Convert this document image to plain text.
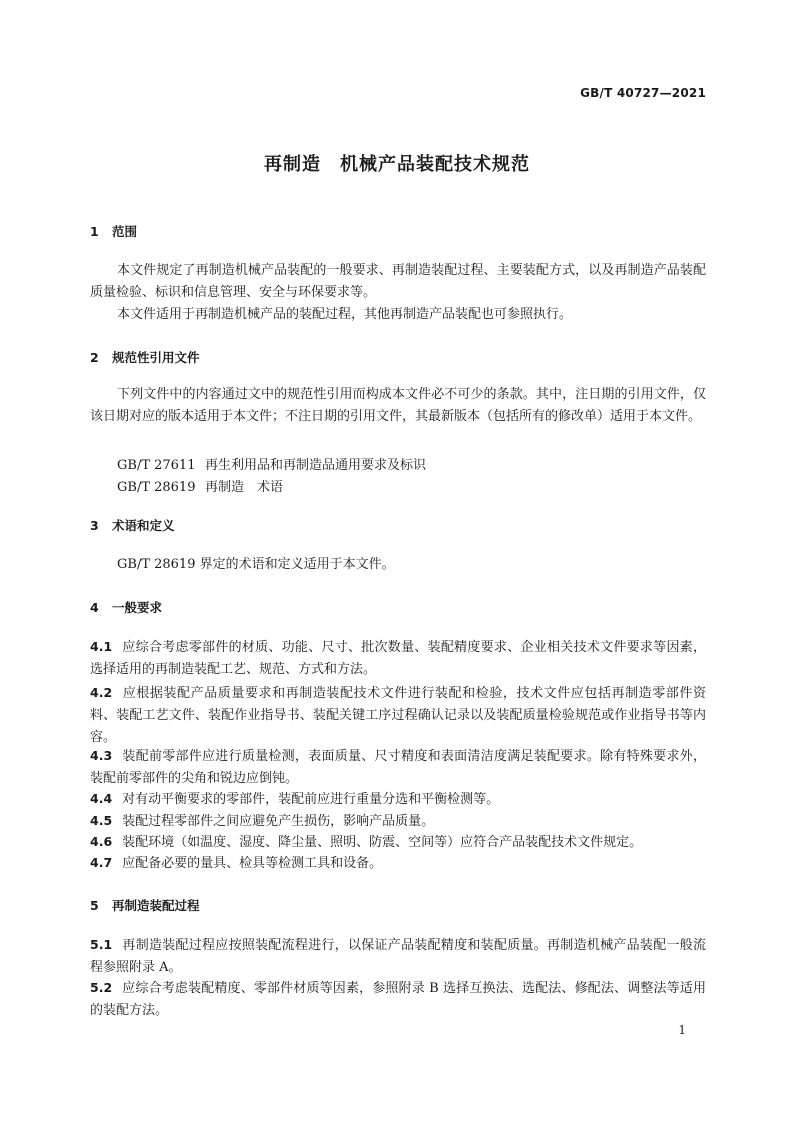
GB/T 40727—2021
再制造　机械产品装配技术规范
1 范围
本文件规定了再制造机械产品装配的一般要求、再制造装配过程、主要装配方式，以及再制造产品装配质量检验、标识和信息管理、安全与环保要求等。
本文件适用于再制造机械产品的装配过程，其他再制造产品装配也可参照执行。
2 规范性引用文件
下列文件中的内容通过文中的规范性引用而构成本文件必不可少的条款。其中，注日期的引用文件，仅该日期对应的版本适用于本文件；不注日期的引用文件，其最新版本（包括所有的修改单）适用于本文件。
GB/T 27611 再生利用品和再制造品通用要求及标识
GB/T 28619 再制造　术语
3 术语和定义
GB/T 28619 界定的术语和定义适用于本文件。
4 一般要求
4.1 应综合考虑零部件的材质、功能、尺寸、批次数量、装配精度要求、企业相关技术文件要求等因素，选择适用的再制造装配工艺、规范、方式和方法。
4.2 应根据装配产品质量要求和再制造装配技术文件进行装配和检验，技术文件应包括再制造零部件资料、装配工艺文件、装配作业指导书、装配关键工序过程确认记录以及装配质量检验规范或作业指导书等内容。
4.3 装配前零部件应进行质量检测，表面质量、尺寸精度和表面清洁度满足装配要求。除有特殊要求外，装配前零部件的尖角和锐边应倒钝。
4.4 对有动平衡要求的零部件，装配前应进行重量分选和平衡检测等。
4.5 装配过程零部件之间应避免产生损伤，影响产品质量。
4.6 装配环境（如温度、湿度、降尘量、照明、防震、空间等）应符合产品装配技术文件规定。
4.7 应配备必要的量具、检具等检测工具和设备。
5 再制造装配过程
5.1 再制造装配过程应按照装配流程进行，以保证产品装配精度和装配质量。再制造机械产品装配一般流程参照附录 A。
5.2 应综合考虑装配精度、零部件材质等因素，参照附录 B 选择互换法、选配法、修配法、调整法等适用的装配方法。
1
